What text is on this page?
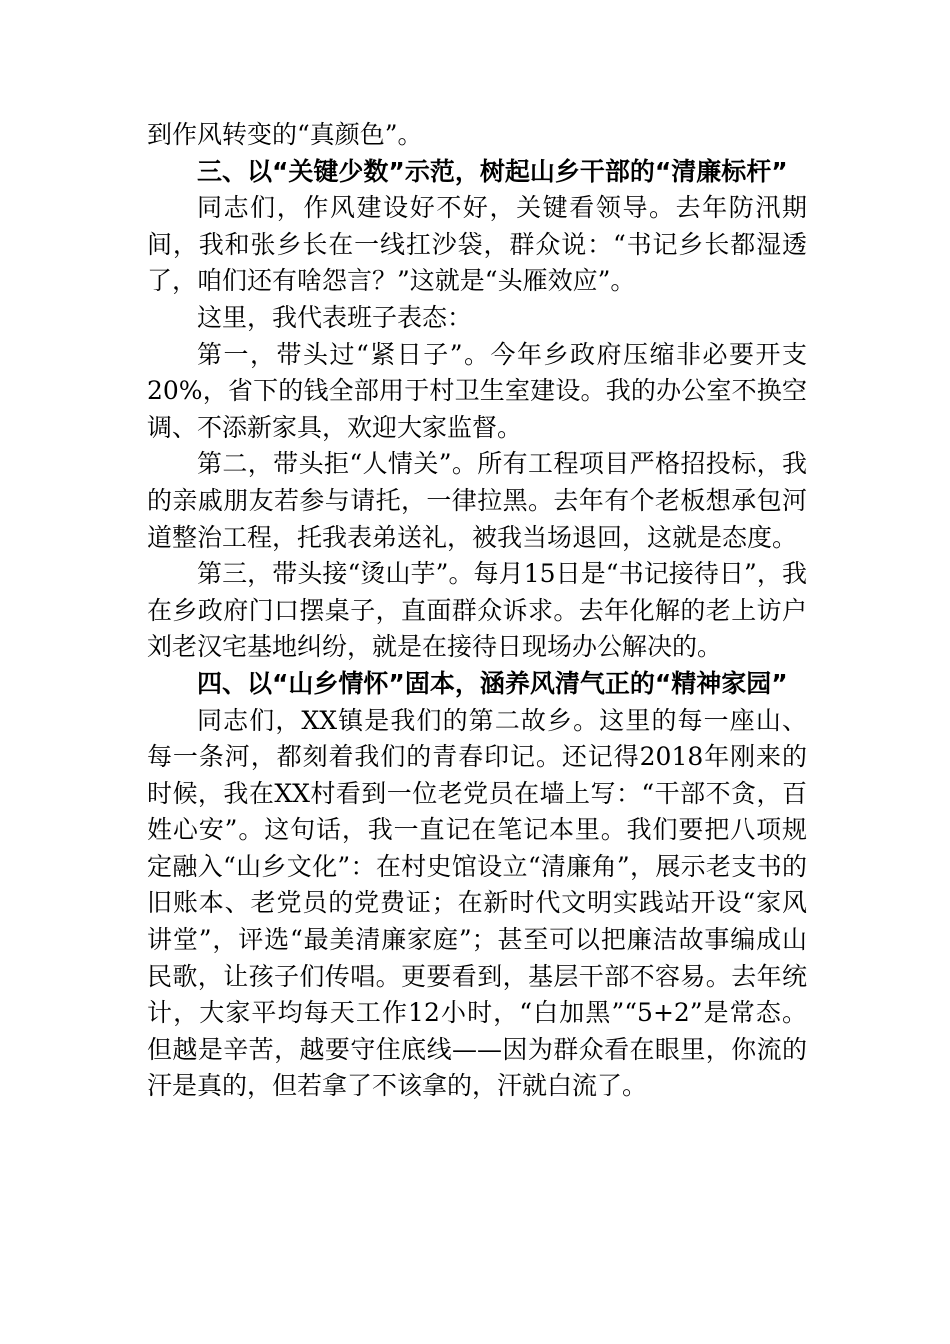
到作风转变的“真颜色”。

三、以“关键少数”示范，树起山乡干部的“清廉标杆”

同志们，作风建设好不好，关键看领导。去年防汛期间，我和张乡长在一线扛沙袋，群众说：“书记乡长都湿透了，咱们还有啥怨言？”这就是“头雁效应”。

这里，我代表班子表态：

第一，带头过“紧日子”。今年乡政府压缩非必要开支20%，省下的钱全部用于村卫生室建设。我的办公室不换空调、不添新家具，欢迎大家监督。

第二，带头拒“人情关”。所有工程项目严格招投标，我的亲戚朋友若参与请托，一律拉黑。去年有个老板想承包河道整治工程，托我表弟送礼，被我当场退回，这就是态度。

第三，带头接“烫山芋”。每月15日是“书记接待日”，我在乡政府门口摆桌子，直面群众诉求。去年化解的老上访户刘老汉宅基地纠纷，就是在接待日现场办公解决的。

四、以“山乡情怀”固本，涵养风清气正的“精神家园”

同志们，XX镇是我们的第二故乡。这里的每一座山、每一条河，都刻着我们的青春印记。还记得2018年刚来的时候，我在XX村看到一位老党员在墙上写：“干部不贪，百姓心安”。这句话，我一直记在笔记本里。我们要把八项规定融入“山乡文化”：在村史馆设立“清廉角”，展示老支书的旧账本、老党员的党费证；在新时代文明实践站开设“家风讲堂”，评选“最美清廉家庭”；甚至可以把廉洁故事编成山民歌，让孩子们传唱。更要看到，基层干部不容易。去年统计，大家平均每天工作12小时，“白加黑”“5+2”是常态。但越是辛苦，越要守住底线——因为群众看在眼里，你流的汗是真的，但若拿了不该拿的，汗就白流了。
